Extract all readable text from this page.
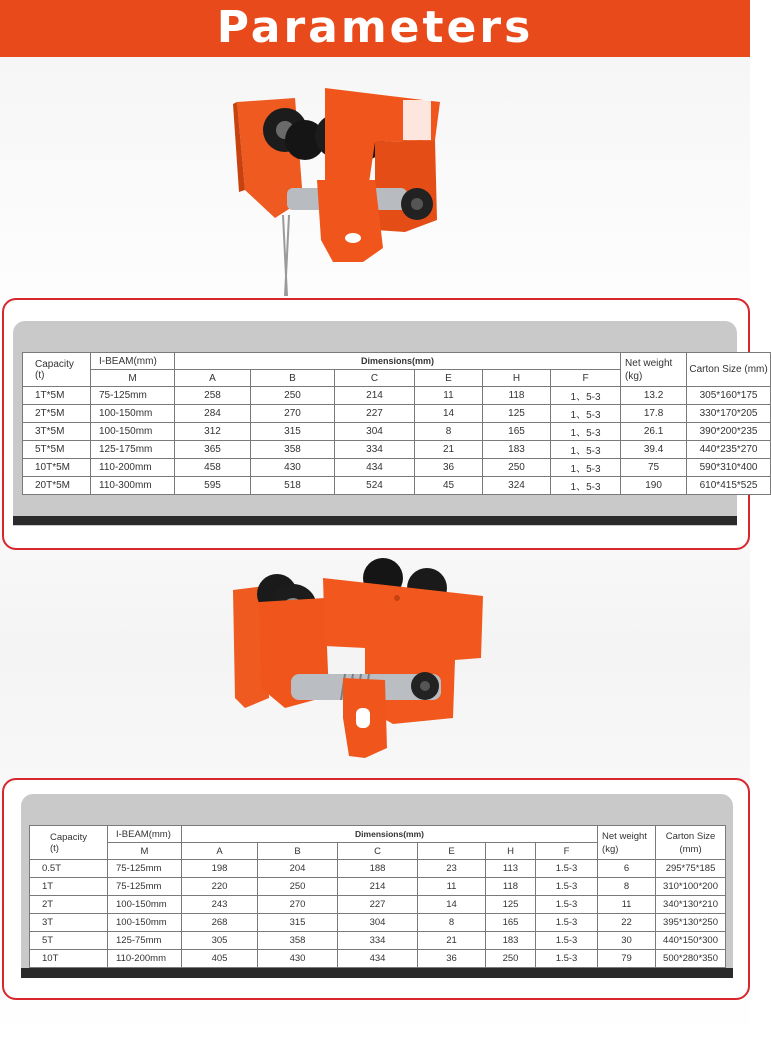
Parameters
Capacity
(t)	I-BEAM(mm)	Dimensions(mm)						Net weight (kg)	Carton Size (mm)
	M	A	B	C	E	H	F		
1T*5M	75-125mm	258	250	214	11	118	1、5-3	13.2	305*160*175
2T*5M	100-150mm	284	270	227	14	125	1、5-3	17.8	330*170*205
3T*5M	100-150mm	312	315	304	8	165	1、5-3	26.1	390*200*235
5T*5M	125-175mm	365	358	334	21	183	1、5-3	39.4	440*235*270
10T*5M	110-200mm	458	430	434	36	250	1、5-3	75	590*310*400
20T*5M	110-300mm	595	518	524	45	324	1、5-3	190	610*415*525
Capacity
(t)	I-BEAM(mm)	Dimensions(mm)						Net weight (kg)	Carton Size (mm)
	M	A	B	C	E	H	F		
0.5T	75-125mm	198	204	188	23	113	1.5-3	6	295*75*185
1T	75-125mm	220	250	214	11	118	1.5-3	8	310*100*200
2T	100-150mm	243	270	227	14	125	1.5-3	11	340*130*210
3T	100-150mm	268	315	304	8	165	1.5-3	22	395*130*250
5T	125-75mm	305	358	334	21	183	1.5-3	30	440*150*300
10T	110-200mm	405	430	434	36	250	1.5-3	79	500*280*350
